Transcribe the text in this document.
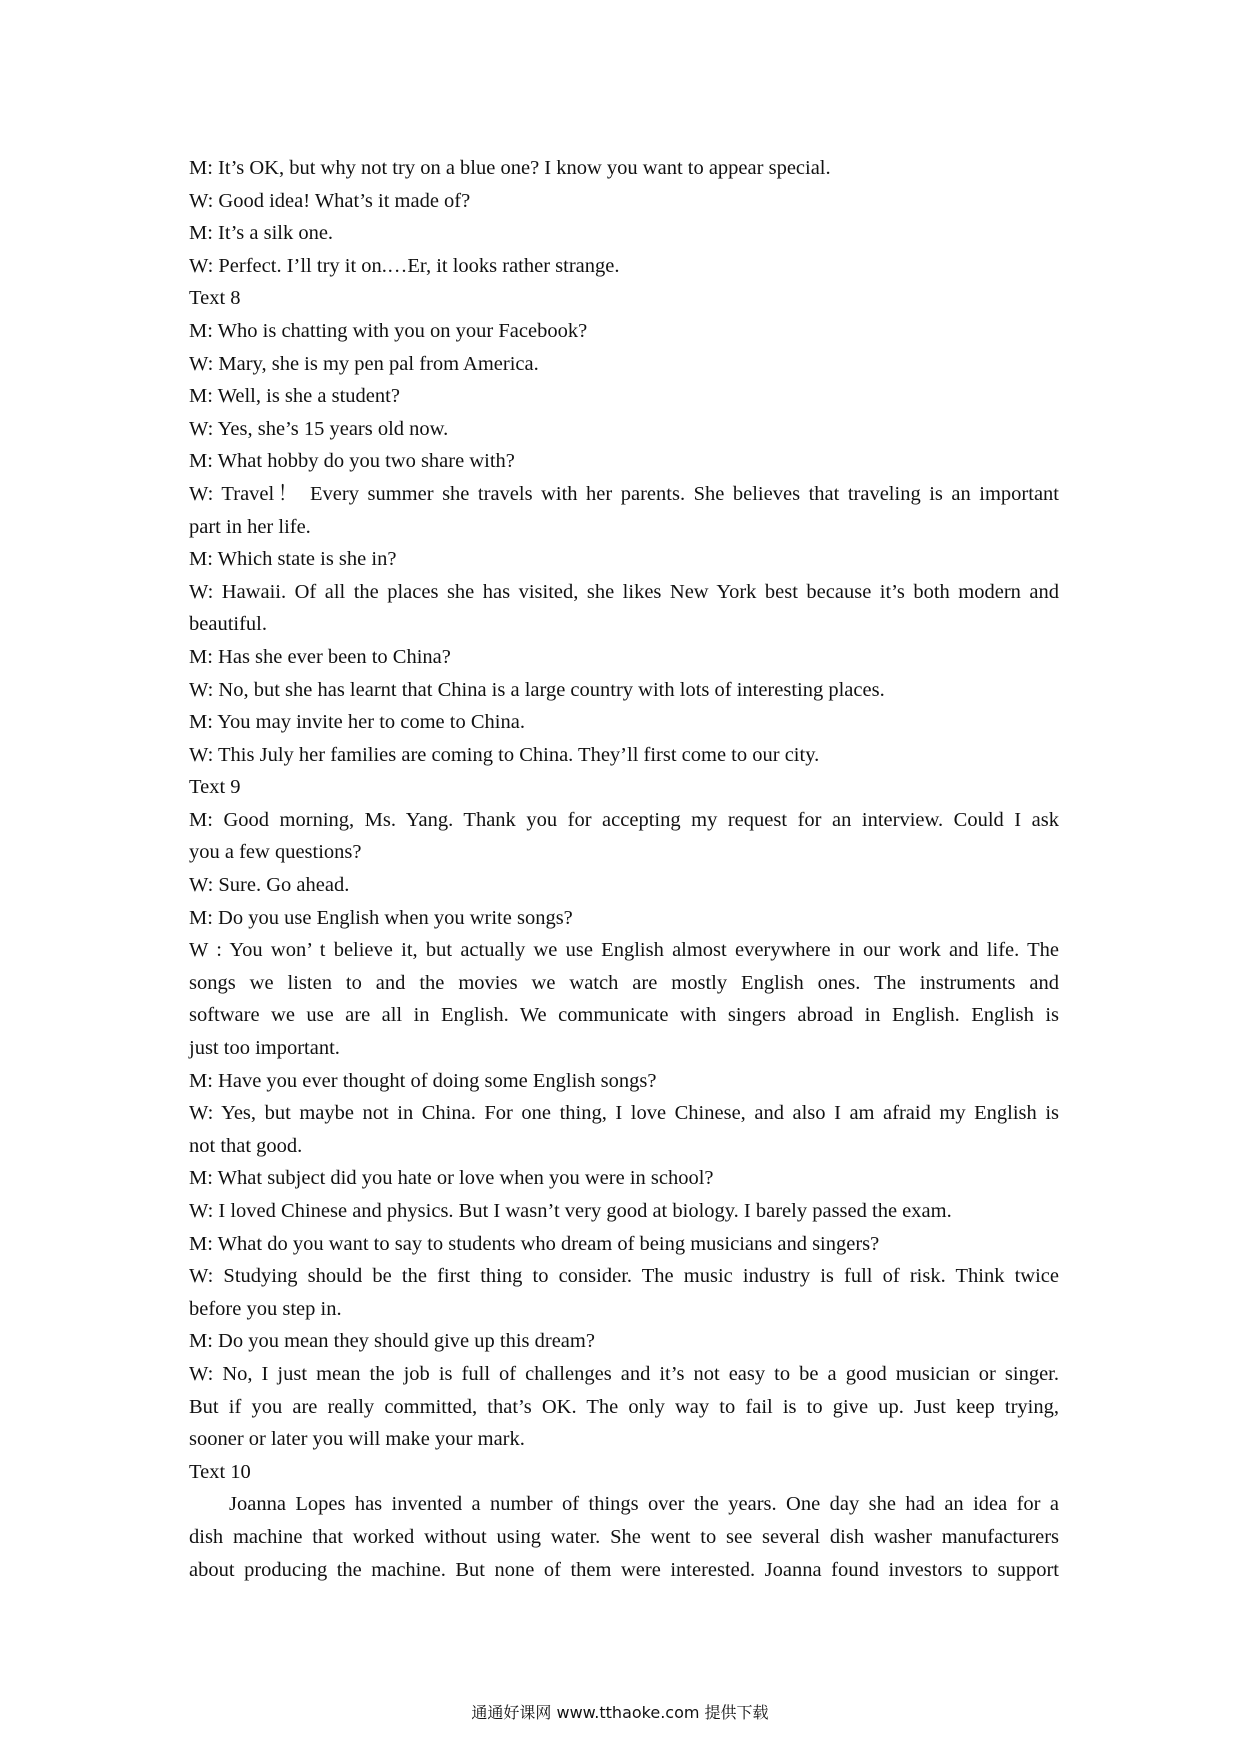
M: It’s OK, but why not try on a blue one? I know you want to appear special.
W: Good idea! What’s it made of?
M: It’s a silk one.
W: Perfect. I’ll try it on.…Er, it looks rather strange.
Text 8
M: Who is chatting with you on your Facebook?
W: Mary, she is my pen pal from America.
M: Well, is she a student?
W: Yes, she’s 15 years old now.
M: What hobby do you two share with?
W: Travel！ Every summer she travels with her parents. She believes that traveling is an important
part in her life.
M: Which state is she in?
W: Hawaii. Of all the places she has visited, she likes New York best because it’s both modern and
beautiful.
M: Has she ever been to China?
W: No, but she has learnt that China is a large country with lots of interesting places.
M: You may invite her to come to China.
W: This July her families are coming to China. They’ll first come to our city.
Text 9
M: Good morning, Ms. Yang. Thank you for accepting my request for an interview. Could I ask
you a few questions?
W: Sure. Go ahead.
M: Do you use English when you write songs?
W : You won’ t believe it, but actually we use English almost everywhere in our work and life. The
songs we listen to and the movies we watch are mostly English ones. The instruments and
software we use are all in English. We communicate with singers abroad in English. English is
just too important.
M: Have you ever thought of doing some English songs?
W: Yes, but maybe not in China. For one thing, I love Chinese, and also I am afraid my English is
not that good.
M: What subject did you hate or love when you were in school?
W: I loved Chinese and physics. But I wasn’t very good at biology. I barely passed the exam.
M: What do you want to say to students who dream of being musicians and singers?
W: Studying should be the first thing to consider. The music industry is full of risk. Think twice
before you step in.
M: Do you mean they should give up this dream?
W: No, I just mean the job is full of challenges and it’s not easy to be a good musician or singer.
But if you are really committed, that’s OK. The only way to fail is to give up. Just keep trying,
sooner or later you will make your mark.
Text 10
Joanna Lopes has invented a number of things over the years. One day she had an idea for a
dish machine that worked without using water. She went to see several dish washer manufacturers
about producing the machine. But none of them were interested. Joanna found investors to support
通通好课网 www.tthaoke.com 提供下载
